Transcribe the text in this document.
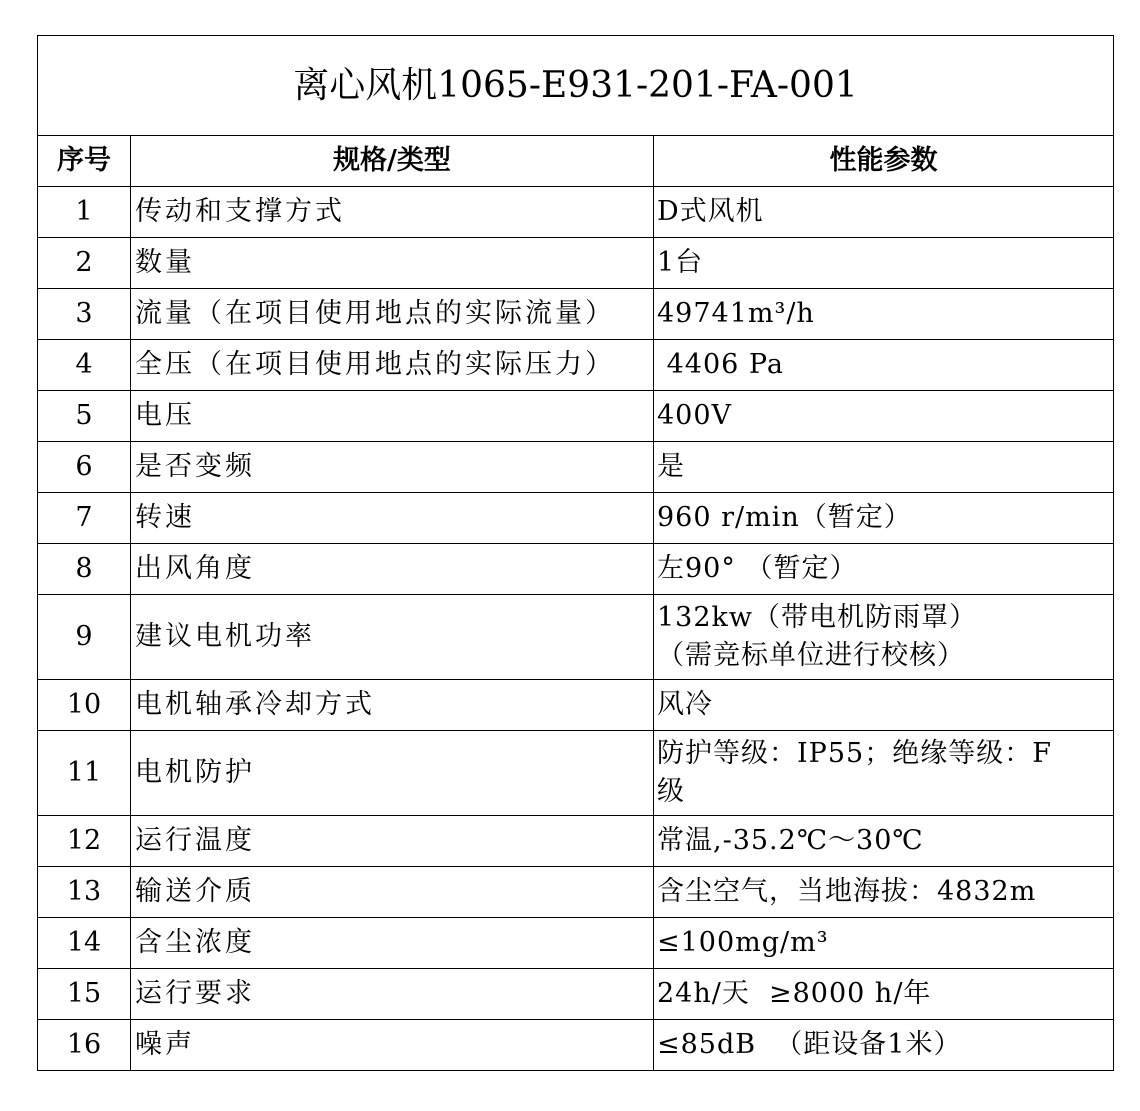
离心风机1065-E931-201-FA-001		
序号	规格/类型	性能参数
1	传动和支撑方式	D式风机

2	数量	1台

3	流量（在项目使用地点的实际流量）	49741m³/h

4	全压（在项目使用地点的实际压力）	4406 Pa

5	电压	400V

6	是否变频	是

7	转速	960 r/min（暂定）

8	出风角度	左90° （暂定）

9	建议电机功率	132kw（带电机防雨罩）
（需竞标单位进行校核）

10	电机轴承冷却方式	风冷

11	电机防护	防护等级：IP55；绝缘等级：F
级

12	运行温度	常温,-35.2℃～30℃

13	输送介质	含尘空气，当地海拔：4832m

14	含尘浓度	≤100mg/m³

15	运行要求	24h/天  ≥8000 h/年

16	噪声	≤85dB  （距设备1米）
